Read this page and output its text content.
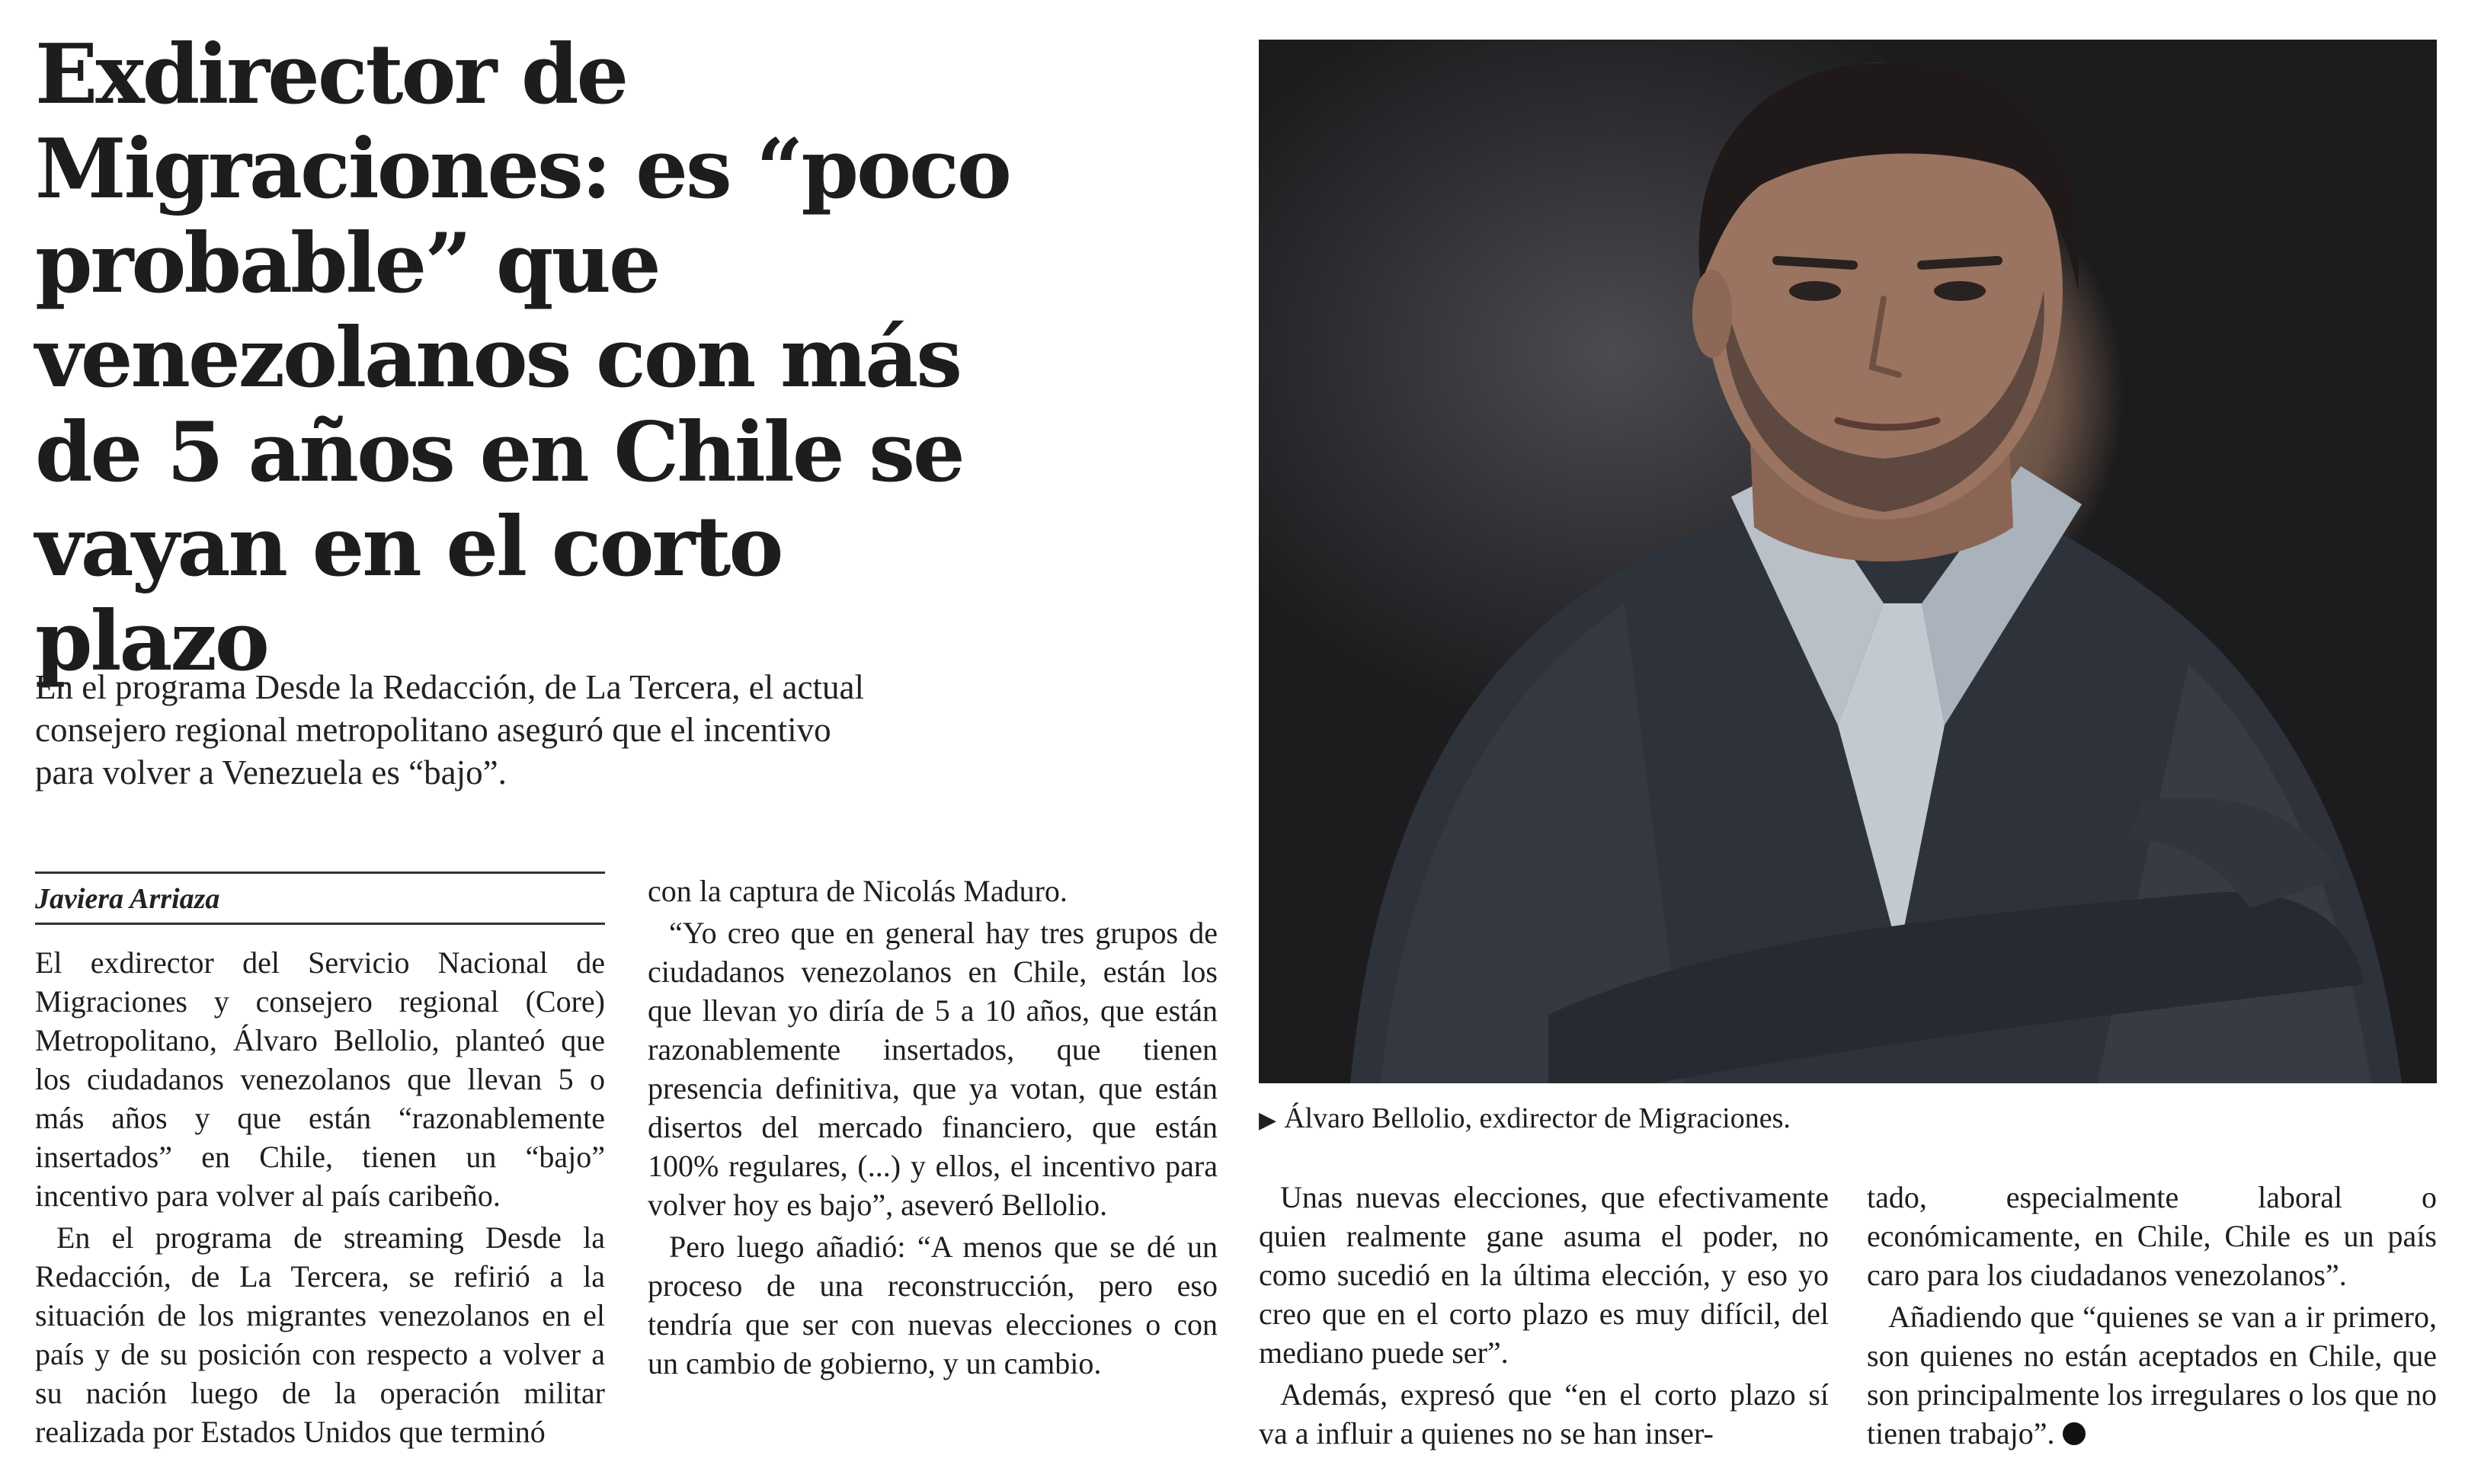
Exdirector de Migraciones: es “poco probable” que venezolanos con más de 5 años en Chile se vayan en el corto plazo

En el programa Desde la Redacción, de La Tercera, el actual consejero regional metropolitano aseguró que el incentivo para volver a Venezuela es “bajo”.

Javiera Arriaza

El exdirector del Servicio Nacional de Migraciones y consejero regional (Core) Metropolitano, Álvaro Bellolio, planteó que los ciudadanos venezolanos que llevan 5 o más años y que están “razonablemente insertados” en Chile, tienen un “bajo” incentivo para volver al país caribeño.

En el programa de streaming Desde la Redacción, de La Tercera, se refirió a la situación de los migrantes venezolanos en el país y de su posición con respecto a volver a su nación luego de la operación militar realizada por Estados Unidos que terminó

con la captura de Nicolás Maduro.

“Yo creo que en general hay tres grupos de ciudadanos venezolanos en Chile, están los que llevan yo diría de 5 a 10 años, que están razonablemente insertados, que tienen presencia definitiva, que ya votan, que están disertos del mercado financiero, que están 100% regulares, (...) y ellos, el incentivo para volver hoy es bajo”, aseveró Bellolio.

Pero luego añadió: “A menos que se dé un proceso de una reconstrucción, pero eso tendría que ser con nuevas elecciones o con un cambio de gobierno, y un cambio.

▶ Álvaro Bellolio, exdirector de Migraciones.

Unas nuevas elecciones, que efectivamente quien realmente gane asuma el poder, no como sucedió en la última elección, y eso yo creo que en el corto plazo es muy difícil, del mediano puede ser”.

Además, expresó que “en el corto plazo sí va a influir a quienes no se han inser-

tado, especialmente laboral o económicamente, en Chile, Chile es un país caro para los ciudadanos venezolanos”.

Añadiendo que “quienes se van a ir primero, son quienes no están aceptados en Chile, que son principalmente los irregulares o los que no tienen trabajo”.
